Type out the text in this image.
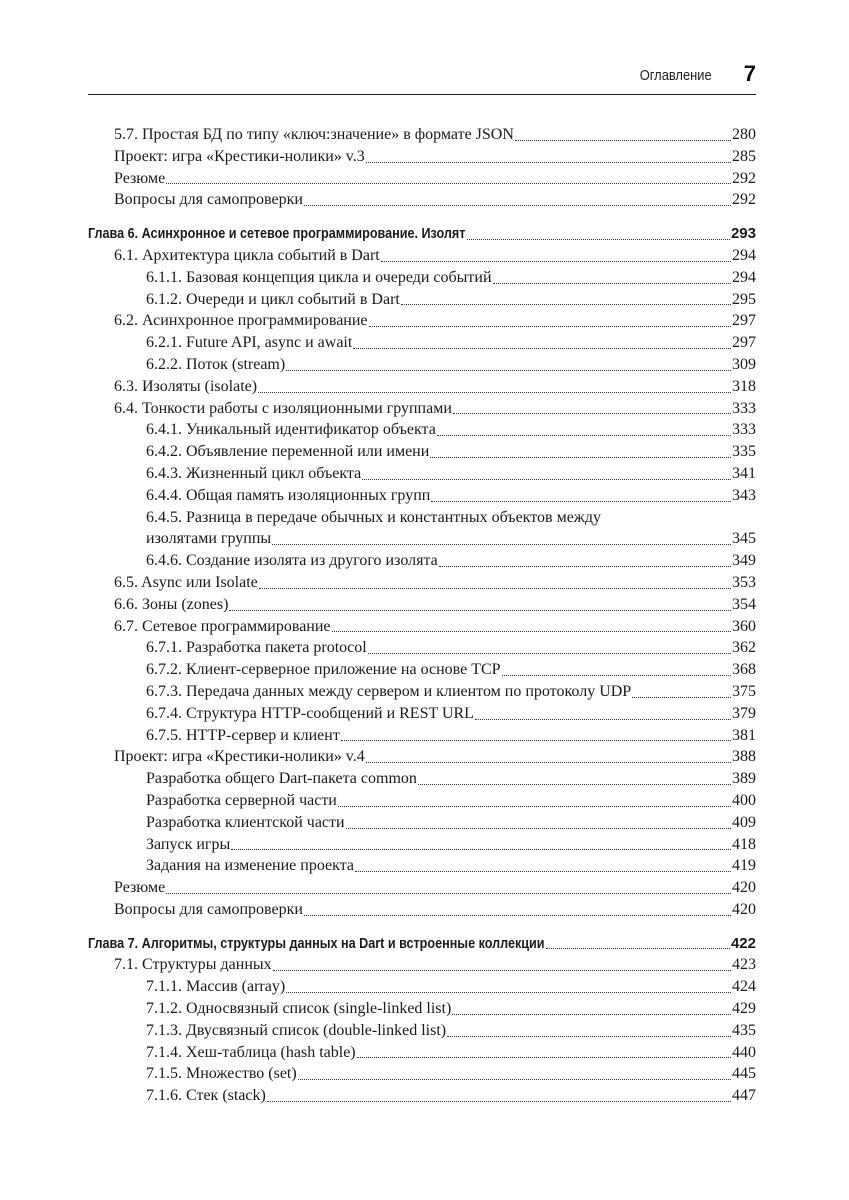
Оглавление 7
5.7. Простая БД по типу «ключ:значение» в формате JSON	280
Проект: игра «Крестики-нолики» v.3	285
Резюме	292
Вопросы для самопроверки	292
Глава 6. Асинхронное и сетевое программирование. Изолят	293
6.1. Архитектура цикла событий в Dart	294
6.1.1. Базовая концепция цикла и очереди событий	294
6.1.2. Очереди и цикл событий в Dart	295
6.2. Асинхронное программирование	297
6.2.1. Future API, async и await	297
6.2.2. Поток (stream)	309
6.3. Изоляты (isolate)	318
6.4. Тонкости работы с изоляционными группами	333
6.4.1. Уникальный идентификатор объекта	333
6.4.2. Объявление переменной или имени	335
6.4.3. Жизненный цикл объекта	341
6.4.4. Общая память изоляционных групп	343
6.4.5. Разница в передаче обычных и константных объектов между
изолятами группы	345
6.4.6. Создание изолята из другого изолята	349
6.5. Async или Isolate	353
6.6. Зоны (zones)	354
6.7. Сетевое программирование	360
6.7.1. Разработка пакета protocol	362
6.7.2. Клиент-серверное приложение на основе TCP	368
6.7.3. Передача данных между сервером и клиентом по протоколу UDP	375
6.7.4. Структура HTTP-сообщений и REST URL	379
6.7.5. HTTP-сервер и клиент	381
Проект: игра «Крестики-нолики» v.4	388
Разработка общего Dart-пакета common	389
Разработка серверной части	400
Разработка клиентской части	409
Запуск игры	418
Задания на изменение проекта	419
Резюме	420
Вопросы для самопроверки	420
Глава 7. Алгоритмы, структуры данных на Dart и встроенные коллекции	422
7.1. Структуры данных	423
7.1.1. Массив (array)	424
7.1.2. Односвязный список (single-linked list)	429
7.1.3. Двусвязный список (double-linked list)	435
7.1.4. Хеш-таблица (hash table)	440
7.1.5. Множество (set)	445
7.1.6. Стек (stack)	447
